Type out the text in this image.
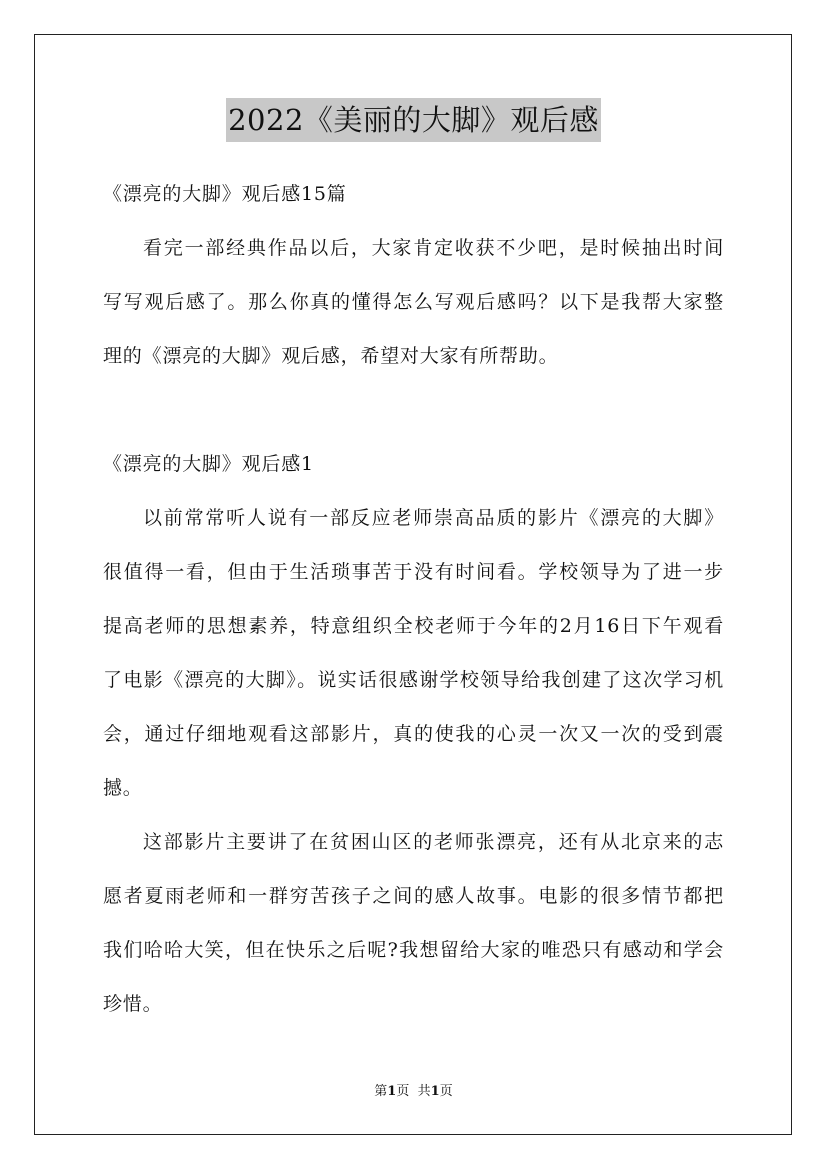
2022《美丽的大脚》观后感
《漂亮的大脚》观后感15篇
看完一部经典作品以后，大家肯定收获不少吧，是时候抽出时间
写写观后感了。那么你真的懂得怎么写观后感吗？以下是我帮大家整
理的《漂亮的大脚》观后感，希望对大家有所帮助。
《漂亮的大脚》观后感1
以前常常听人说有一部反应老师崇高品质的影片《漂亮的大脚》
很值得一看，但由于生活琐事苦于没有时间看。学校领导为了进一步
提高老师的思想素养，特意组织全校老师于今年的2月16日下午观看
了电影《漂亮的大脚》。说实话很感谢学校领导给我创建了这次学习机
会，通过仔细地观看这部影片，真的使我的心灵一次又一次的受到震
撼。
这部影片主要讲了在贫困山区的老师张漂亮，还有从北京来的志
愿者夏雨老师和一群穷苦孩子之间的感人故事。电影的很多情节都把
我们哈哈大笑，但在快乐之后呢?我想留给大家的唯恐只有感动和学会
珍惜。
第1页 共1页
